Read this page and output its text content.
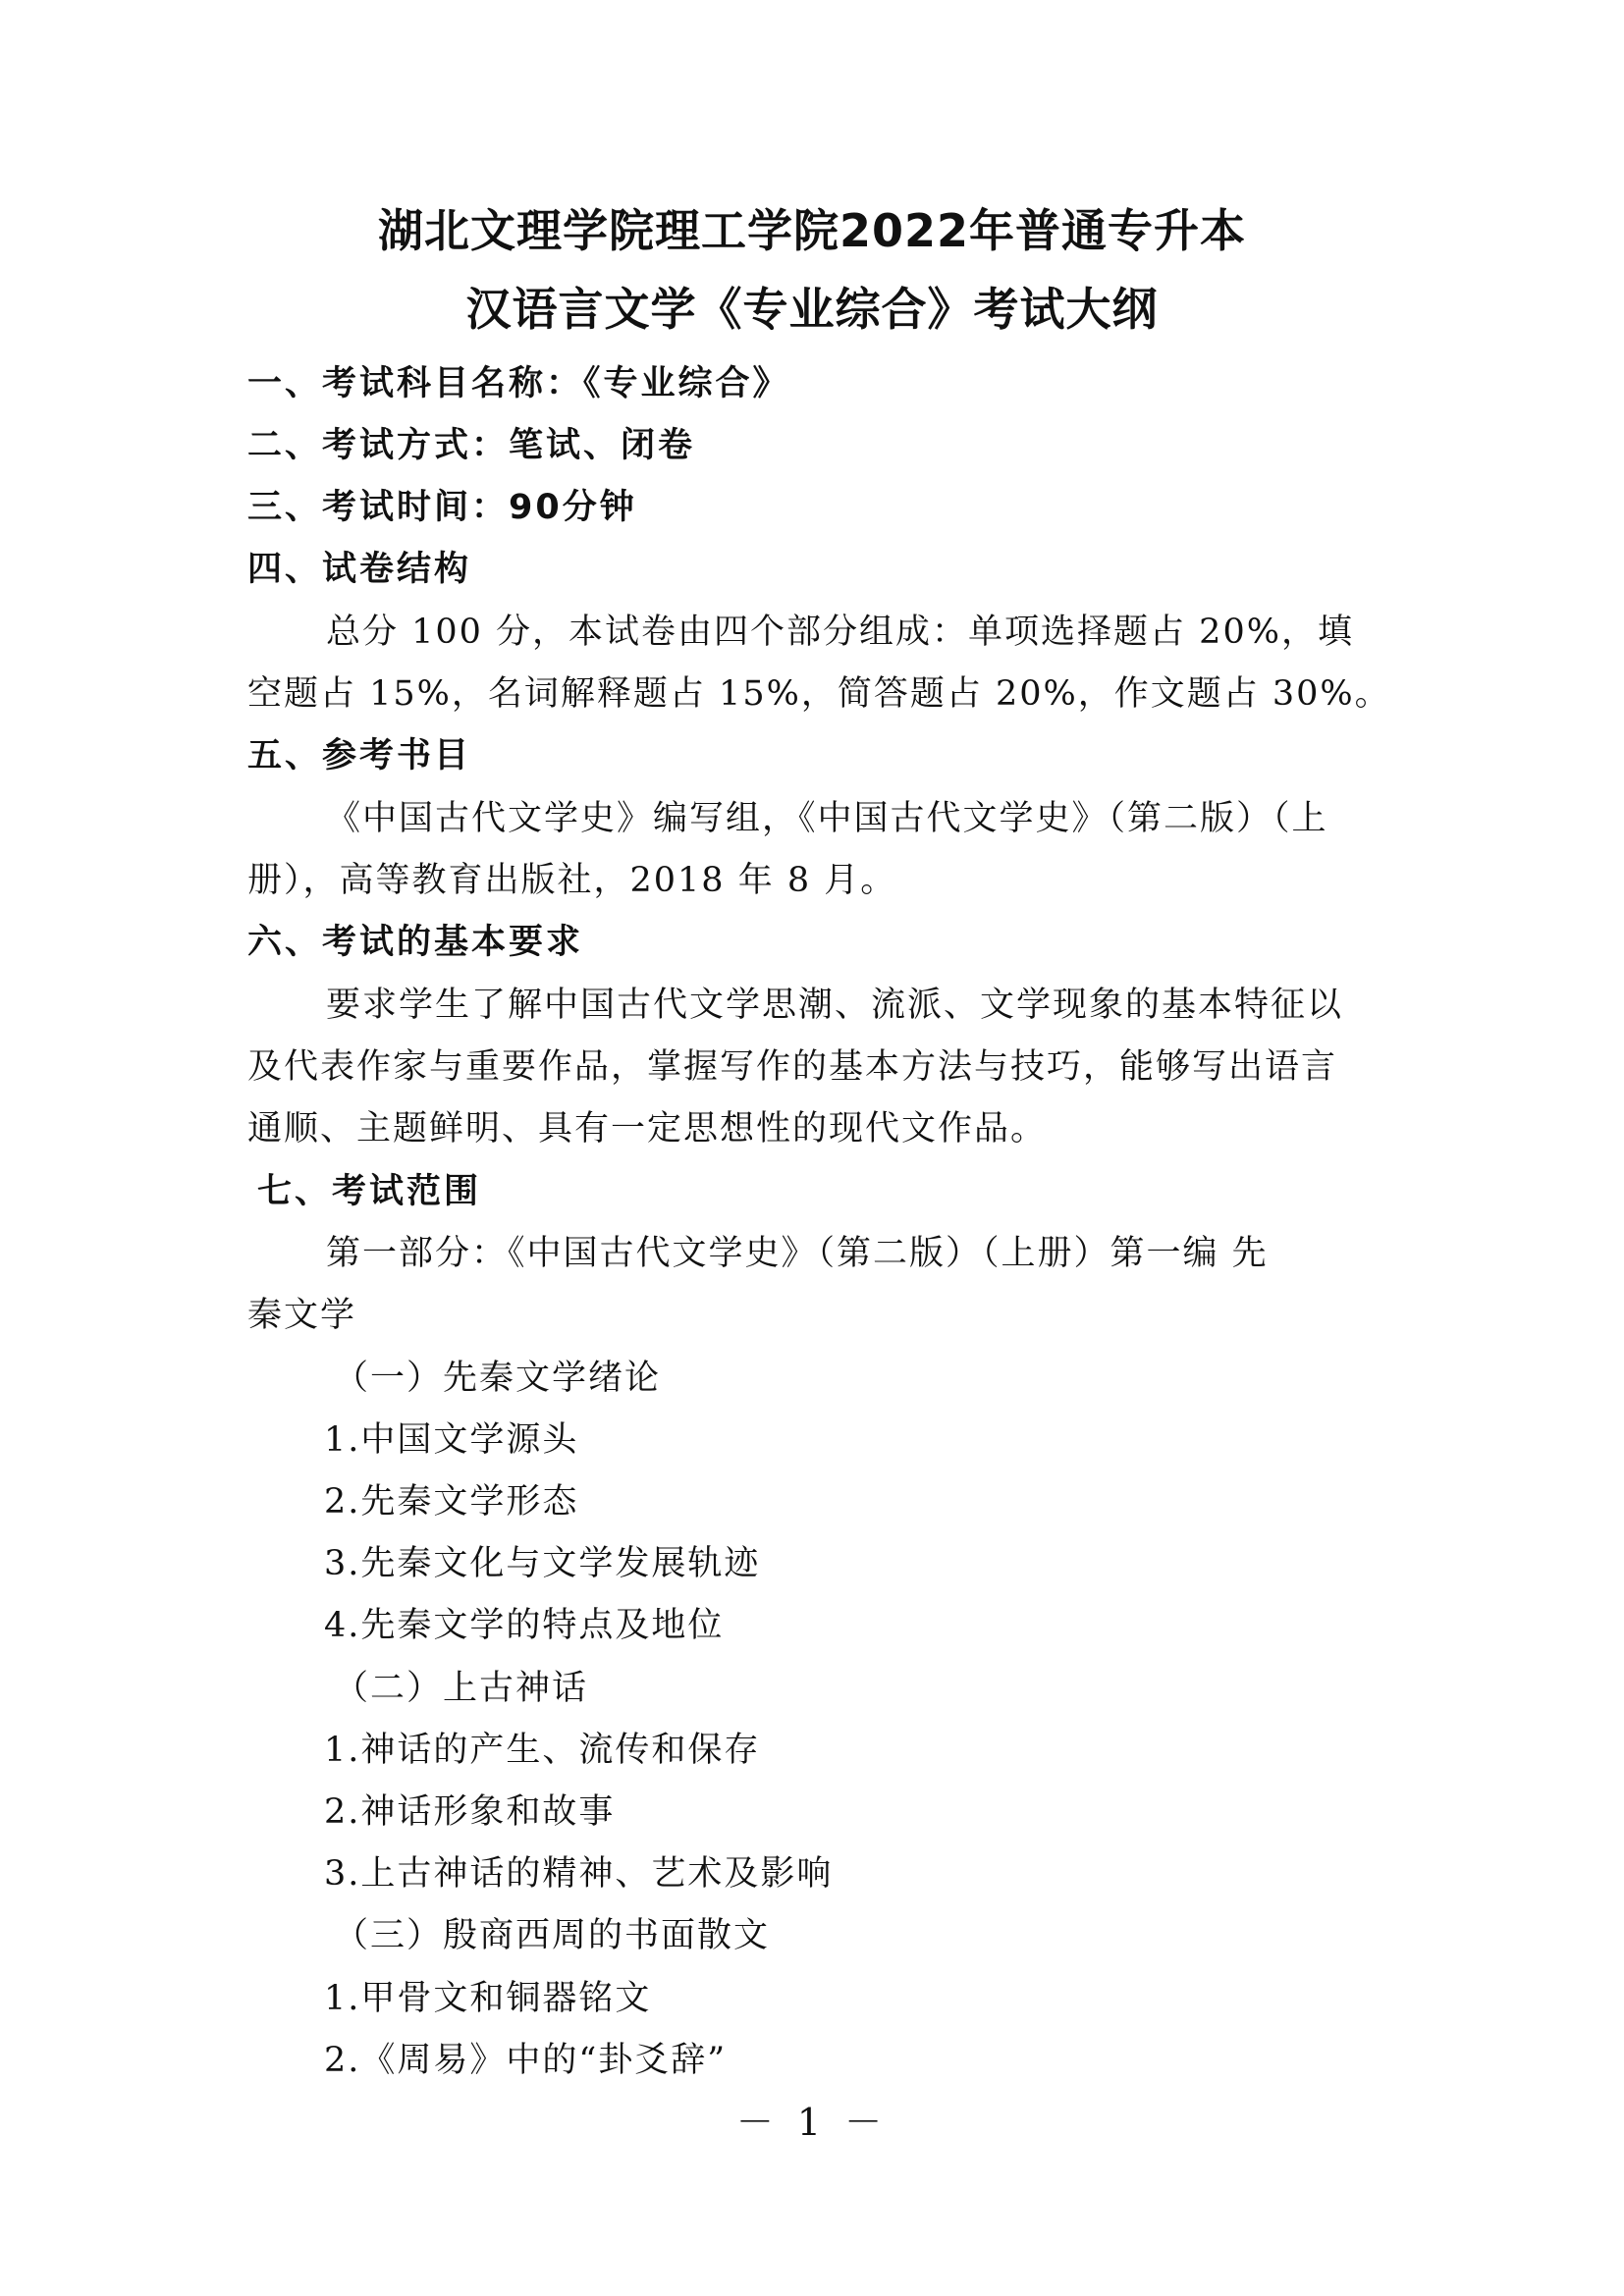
湖北文理学院理工学院2022年普通专升本
汉语言文学《专业综合》考试大纲
一、考试科目名称：《专业综合》
二、考试方式：笔试、闭卷
三、考试时间：90分钟
四、试卷结构
总分 100 分，本试卷由四个部分组成：单项选择题占 20%，填
空题占 15%，名词解释题占 15%，简答题占 20%，作文题占 30%。
五、参考书目
《中国古代文学史》编写组，《中国古代文学史》（第二版）（上
册），高等教育出版社，2018 年 8 月。
六、考试的基本要求
要求学生了解中国古代文学思潮、流派、文学现象的基本特征以
及代表作家与重要作品，掌握写作的基本方法与技巧，能够写出语言
通顺、主题鲜明、具有一定思想性的现代文作品。
七、考试范围
第一部分：《中国古代文学史》（第二版）（上册）第一编 先
秦文学
（一）先秦文学绪论
1.中国文学源头
2.先秦文学形态
3.先秦文化与文学发展轨迹
4.先秦文学的特点及地位
（二）上古神话
1.神话的产生、流传和保存
2.神话形象和故事
3.上古神话的精神、艺术及影响
（三）殷商西周的书面散文
1.甲骨文和铜器铭文
2.《周易》中的“卦爻辞”
－ 1 －
